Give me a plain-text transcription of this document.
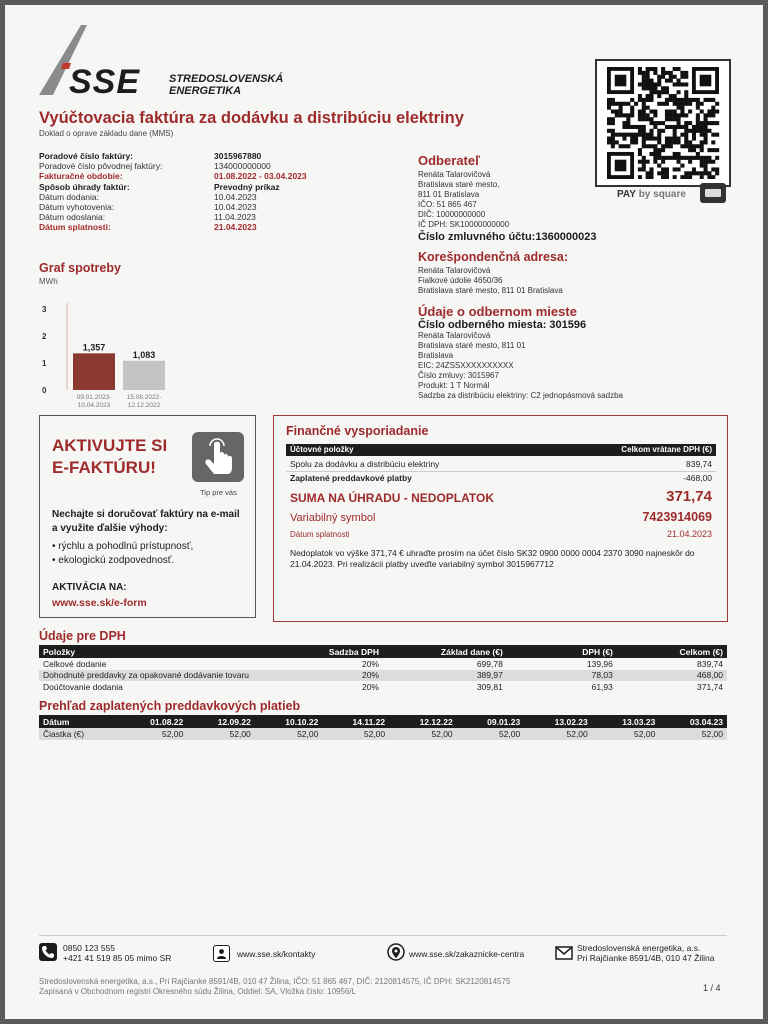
SSE	STREDOSLOVENSKÁ
ENERGETIKA
PAY by square
Vyúčtovacia faktúra za dodávku a distribúciu elektriny
Doklad o oprave základu dane (MMS)
Poradové číslo faktúry:	3015967880
Poradové číslo pôvodnej faktúry:	134000000000
Fakturačné obdobie:	01.08.2022 - 03.04.2023
Spôsob úhrady faktúr:	Prevodný príkaz
Dátum dodania:	10.04.2023
Dátum vyhotovenia:	10.04.2023
Dátum odoslania:	11.04.2023
Dátum splatnosti:	21.04.2023
Odberateľ
Renáta Talarovičová
Bratislava staré mesto,
811 01 Bratislava
IČO: 51 865 467
DIČ: 10000000000
IČ DPH: SK10000000000
Číslo zmluvného účtu:1360000023
Korešpondenčná adresa:
Renáta Talarovičová
Fialkové údolie 4650/36
Bratislava staré mesto, 811 01 Bratislava
Údaje o odbernom mieste
Číslo odberného miesta: 301596
Renáta Talarovičová
Bratislava staré mesto, 811 01
Bratislava
EIC: 24ZSSXXXXXXXXXX
Číslo zmluvy: 3015967
Produkt: 1 T Normál
Sadzba za distribúciu elektriny: C2 jednopásmová sadzba
Graf spotreby
MWh
0
1
2
3
1,357
09.01.2023-
10.04.2023
1,083
15.08.2022-
12.12.2022
AKTIVUJTE SI
E-FAKTÚRU!
Tip pre vás
Nechajte si doručovať faktúry na e-mail a využite ďalšie výhody:
• rýchlu a pohodlnú prístupnosť,
• ekologickú zodpovednosť.
AKTIVÁCIA NA:
www.sse.sk/e-form
Finančné vysporiadanie
Účtovné položky	Celkom vrátane DPH (€)
Spolu za dodávku a distribúciu elektriny	839,74
Zaplatené preddavkové platby	-468,00
SUMA NA ÚHRADU - NEDOPLATOK	371,74
Variabilný symbol	7423914069
Dátum splatnosti	21.04.2023
Nedoplatok vo výške 371,74 € uhraďte prosím na účet číslo SK32 0900 0000 0004 2370 3090 najneskôr do 21.04.2023. Pri realizácii platby uveďte variabilný symbol 3015967712
Údaje pre DPH
Položky	Sadzba DPH	Základ dane (€)	DPH (€)	Celkom (€)
Celkové dodanie	20%	699,78	139,96	839,74
Dohodnuté preddavky za opakované dodávanie tovaru	20%	389,97	78,03	468,00
Doúčtovanie dodania	20%	309,81	61,93	371,74
Prehľad zaplatených preddavkových platieb
Dátum	01.08.22	12.09.22	10.10.22	14.11.22	12.12.22	09.01.23	13.02.23	13.03.23	03.04.23
Čiastka (€)	52,00	52,00	52,00	52,00	52,00	52,00	52,00	52,00	52,00
0850 123 555
+421 41 519 85 05 mimo SR	www.sse.sk/kontakty	www.sse.sk/zakaznicke-centra
Stredoslovenská energetika, a.s.
Pri Rajčianke 8591/4B, 010 47 Žilina
Stredoslovenská energetika, a.s., Pri Rajčianke 8591/4B, 010 47 Žilina, IČO: 51 865 467, DIČ: 2120814575, IČ DPH: SK2120814575
Zapísaná v Obchodnom registri Okresného súdu Žilina, Oddiel: SA, Vložka číslo: 10956/L	1 / 4
